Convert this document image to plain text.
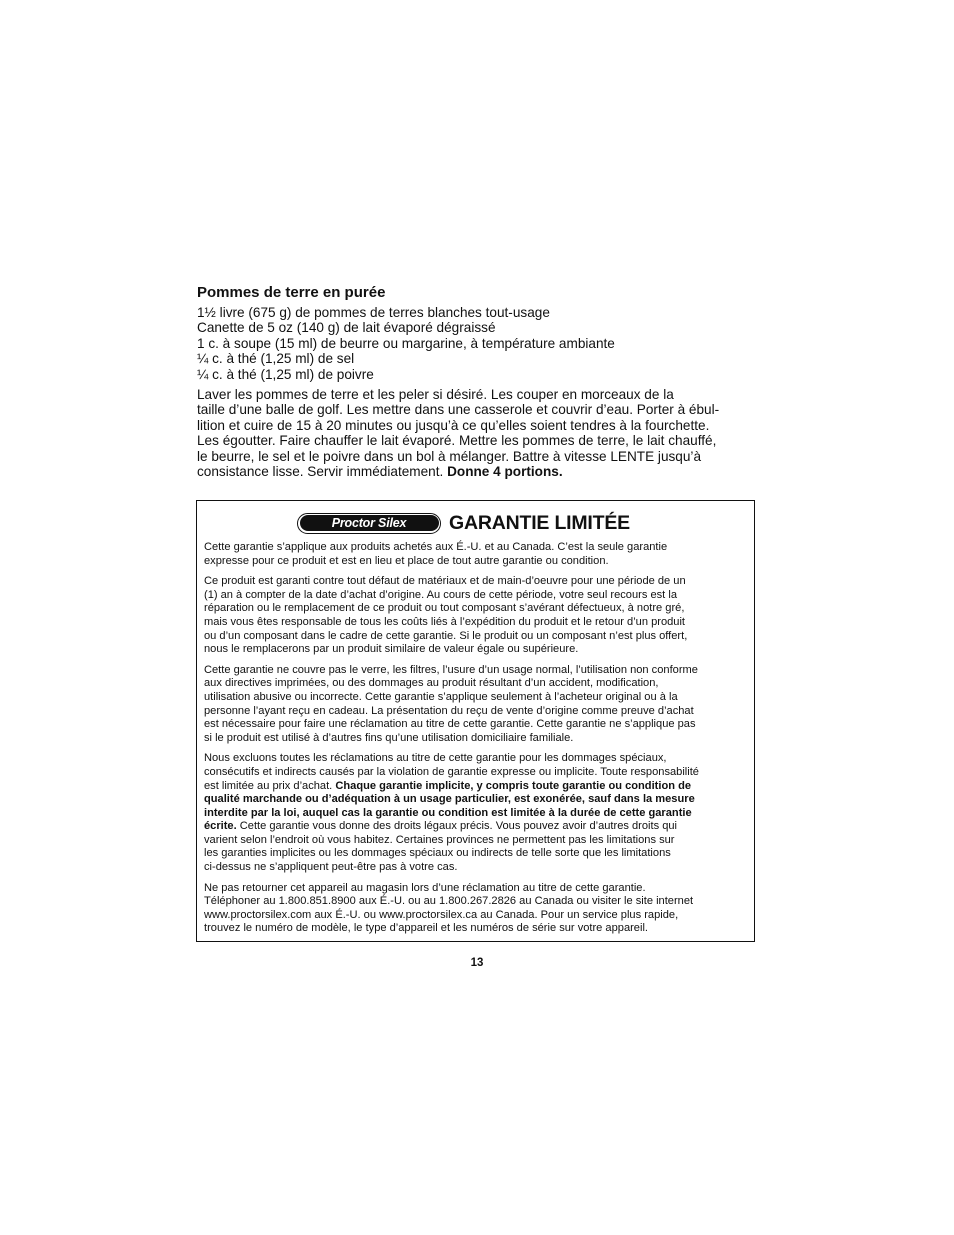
Pommes de terre en purée

1½ livre (675 g) de pommes de terres blanches tout-usage

Canette de 5 oz (140 g) de lait évaporé dégraissé

1 c. à soupe (15 ml) de beurre ou margarine, à température ambiante

¼ c. à thé (1,25 ml) de sel

¼ c. à thé (1,25 ml) de poivre

Laver les pommes de terre et les peler si désiré. Les couper en morceaux de la
taille d’une balle de golf. Les mettre dans une casserole et couvrir d’eau. Porter à ébul-
lition et cuire de 15 à 20 minutes ou jusqu’à ce qu’elles soient tendres à la fourchette.
Les égoutter. Faire chauffer le lait évaporé. Mettre les pommes de terre, le lait chauffé,
le beurre, le sel et le poivre dans un bol à mélanger. Battre à vitesse LENTE jusqu’à
consistance lisse. Servir immédiatement. Donne 4 portions.

Proctor Silex	GARANTIE LIMITÉE

Cette garantie s’applique aux produits achetés aux É.-U. et au Canada. C’est la seule garantie
expresse pour ce produit et est en lieu et place de tout autre garantie ou condition.

Ce produit est garanti contre tout défaut de matériaux et de main-d’oeuvre pour une période de un
(1) an à compter de la date d’achat d’origine. Au cours de cette période, votre seul recours est la
réparation ou le remplacement de ce produit ou tout composant s’avérant défectueux, à notre gré,
mais vous êtes responsable de tous les coûts liés à l’expédition du produit et le retour d’un produit
ou d’un composant dans le cadre de cette garantie. Si le produit ou un composant n’est plus offert,
nous le remplacerons par un produit similaire de valeur égale ou supérieure.

Cette garantie ne couvre pas le verre, les filtres, l’usure d’un usage normal, l’utilisation non conforme
aux directives imprimées, ou des dommages au produit résultant d’un accident, modification,
utilisation abusive ou incorrecte. Cette garantie s’applique seulement à l’acheteur original ou à la
personne l’ayant reçu en cadeau. La présentation du reçu de vente d’origine comme preuve d’achat
est nécessaire pour faire une réclamation au titre de cette garantie. Cette garantie ne s’applique pas
si le produit est utilisé à d’autres fins qu’une utilisation domiciliaire familiale.

Nous excluons toutes les réclamations au titre de cette garantie pour les dommages spéciaux,
consécutifs et indirects causés par la violation de garantie expresse ou implicite. Toute responsabilité
est limitée au prix d’achat. Chaque garantie implicite, y compris toute garantie ou condition de
qualité marchande ou d’adéquation à un usage particulier, est exonérée, sauf dans la mesure
interdite par la loi, auquel cas la garantie ou condition est limitée à la durée de cette garantie
écrite. Cette garantie vous donne des droits légaux précis. Vous pouvez avoir d’autres droits qui
varient selon l’endroit où vous habitez. Certaines provinces ne permettent pas les limitations sur
les garanties implicites ou les dommages spéciaux ou indirects de telle sorte que les limitations
ci-dessus ne s’appliquent peut-être pas à votre cas.

Ne pas retourner cet appareil au magasin lors d’une réclamation au titre de cette garantie.
Téléphoner au 1.800.851.8900 aux É.-U. ou au 1.800.267.2826 au Canada ou visiter le site internet
www.proctorsilex.com aux É.-U. ou www.proctorsilex.ca au Canada. Pour un service plus rapide,
trouvez le numéro de modèle, le type d’appareil et les numéros de série sur votre appareil.

13
